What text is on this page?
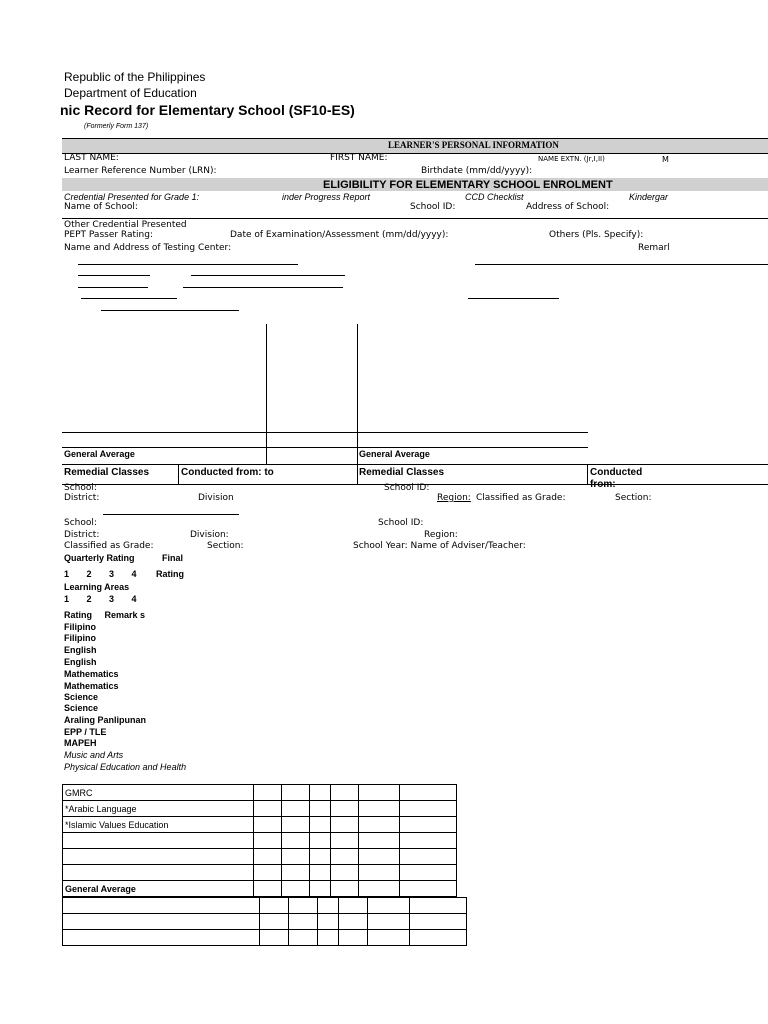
Republic of the Philippines
Department of Education
nic Record for Elementary School (SF10-ES)
(Formerly Form 137)
LEARNER'S PERSONAL INFORMATION
LAST NAME:	FIRST NAME:	NAME EXTN. (Jr,I,II)	M
Learner Reference Number (LRN):	Birthdate (mm/dd/yyyy):
ELIGIBILITY FOR ELEMENTARY SCHOOL ENROLMENT
Credential Presented for Grade 1:	inder Progress Report	CCD Checklist	Kindergar
Name of School:	School ID:	Address of School:
Other Credential Presented
PEPT Passer Rating:	Date of Examination/Assessment (mm/dd/yyyy):	Others (Pls. Specify):
Name and Address of Testing Center:	Remarl
General Average	General Average
Remedial Classes	Conducted from: to	Remedial Classes	Conducted
School:	School ID:
District:	Division	Region: Classified as Grade:	Section:
School:	School ID:
District:	Division:	Region:
Classified as Grade:	Section:	School Year: Name of Adviser/Teacher:
Quarterly Rating	Final
1       2       3       4 Rating
Learning Areas
1       2       3       4
Rating     Remark s
Filipino
Filipino
English
English
Mathematics
Mathematics
Science
Science
Araling Panlipunan
EPP / TLE
MAPEH
Music and Arts
Physical Education and Health
GMRC						
*Arabic Language						
*Islamic Values Education						

General Average						
